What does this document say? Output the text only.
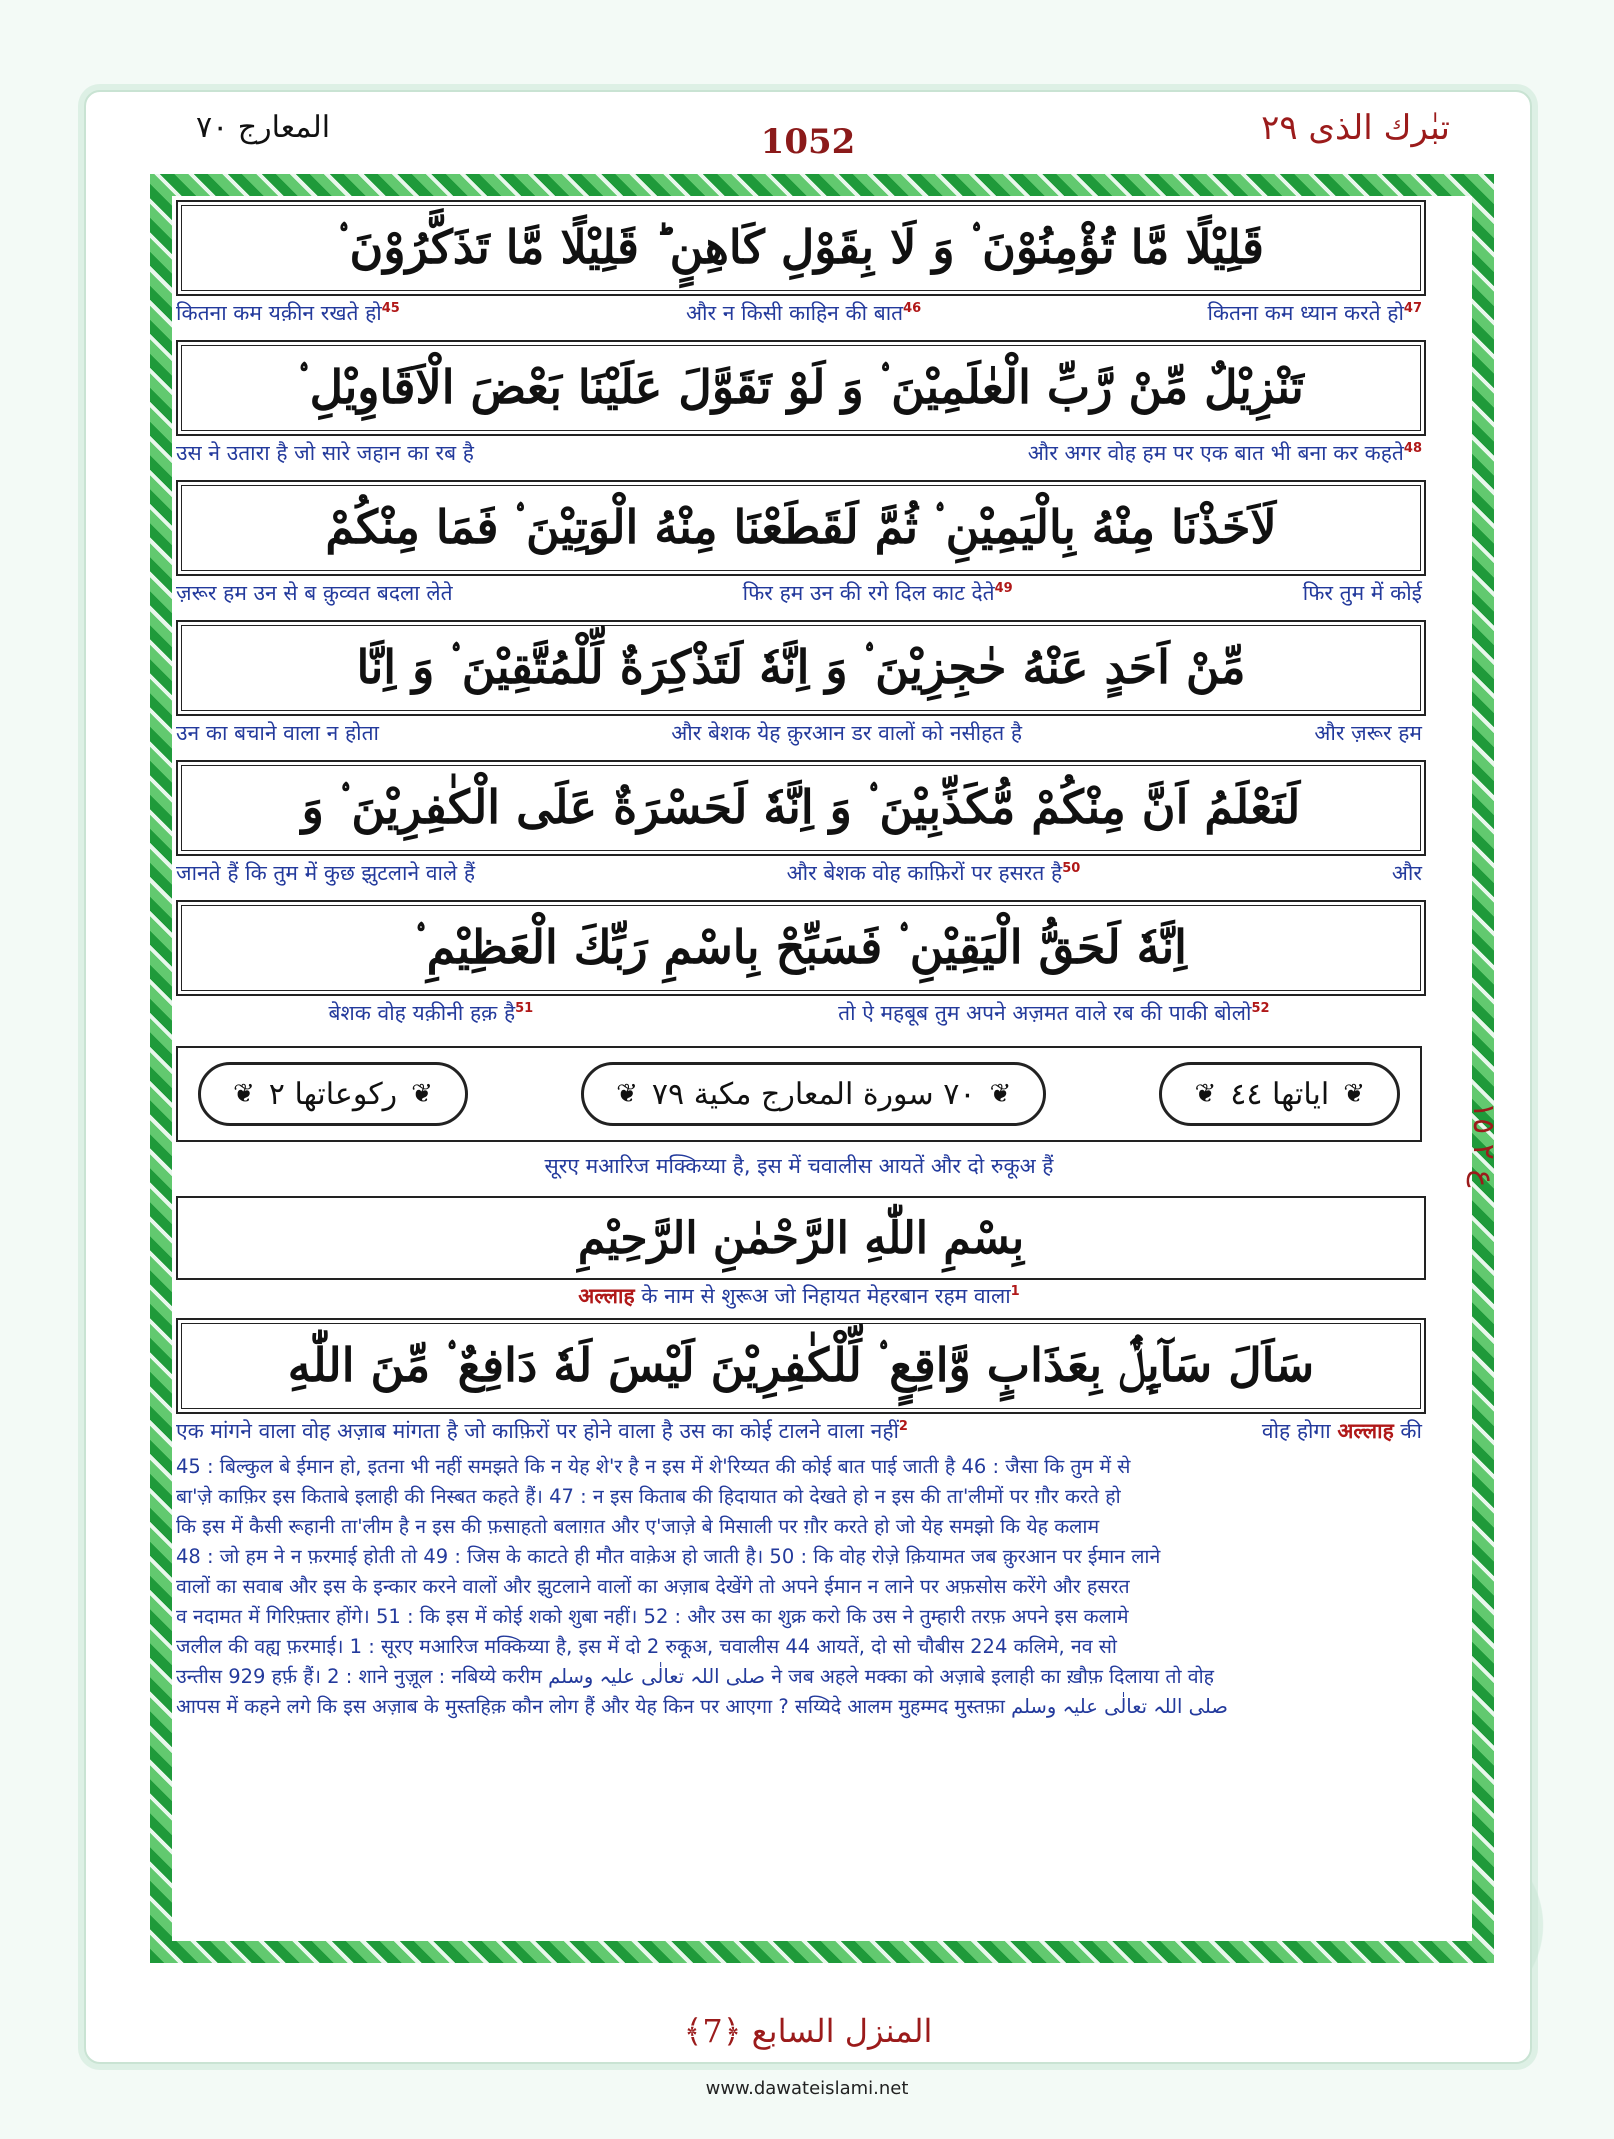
المعارج ٧٠	1052	تبٰرك الذى ٢٩
قَلِيْلًا مَّا تُؤْمِنُوْنَ ۟ وَ لَا بِقَوْلِ كَاهِنٍ ؕ قَلِيْلًا مَّا تَذَكَّرُوْنَ ۟
कितना कम यक़ीन रखते हो45	और न किसी काहिन की बात46	कितना कम ध्यान करते हो47
تَنْزِيْلٌ مِّنْ رَّبِّ الْعٰلَمِيْنَ ۟ وَ لَوْ تَقَوَّلَ عَلَيْنَا بَعْضَ الْاَقَاوِيْلِ ۟
उस ने उतारा है जो सारे जहान का रब है	और अगर वोह हम पर एक बात भी बना कर कहते48
لَاَخَذْنَا مِنْهُ بِالْيَمِيْنِ ۟ ثُمَّ لَقَطَعْنَا مِنْهُ الْوَتِيْنَ ۟ فَمَا مِنْكُمْ
ज़रूर हम उन से ब क़ुव्वत बदला लेते	फिर हम उन की रगे दिल काट देते49	फिर तुम में कोई
مِّنْ اَحَدٍ عَنْهُ حٰجِزِيْنَ ۟ وَ اِنَّهٗ لَتَذْكِرَةٌ لِّلْمُتَّقِيْنَ ۟ وَ اِنَّا
उन का बचाने वाला न होता	और बेशक येह क़ुरआन डर वालों को नसीहत है	और ज़रूर हम
لَنَعْلَمُ اَنَّ مِنْكُمْ مُّكَذِّبِيْنَ ۟ وَ اِنَّهٗ لَحَسْرَةٌ عَلَى الْكٰفِرِيْنَ ۟ وَ
जानते हैं कि तुम में कुछ झुटलाने वाले हैं	और बेशक वोह काफ़िरों पर हसरत है50	और
اِنَّهٗ لَحَقُّ الْيَقِيْنِ ۟ فَسَبِّحْ بِاسْمِ رَبِّكَ الْعَظِيْمِ ۟
बेशक वोह यक़ीनी हक़ है51	तो ऐ महबूब तुम अपने अज़मत वाले रब की पाकी बोलो52
❦
ركوعاتها ٢
❦	❦
٧٠ سورة المعارج مكية ٧٩
❦	❦
اياتها ٤٤
❦
सूरए मआरिज मक्किय्या है, इस में चवालीस आयतें और दो रुकूअ हैं
بِسْمِ اللّٰهِ الرَّحْمٰنِ الرَّحِيْمِ
अल्लाह के नाम से शुरूअ जो निहायत मेहरबान रहम वाला$^1$
سَاَلَ سَآىِٕلٌۢ بِعَذَابٍ وَّاقِعٍ ۟ لِّلْكٰفِرِيْنَ لَيْسَ لَهٗ دَافِعٌ ۟ مِّنَ اللّٰهِ
एक मांगने वाला वोह अज़ाब मांगता है जो काफ़िरों पर होने वाला है उस का कोई टालने वाला नहीं2	वोह होगा अल्लाह की

45 : बिल्कुल बे ईमान हो, इतना भी नहीं समझते कि न येह शे'र है न इस में शे'रिय्यत की कोई बात पाई जाती है 46 : जैसा कि तुम में से

बा'ज़े काफ़िर इस किताबे इलाही की निस्बत कहते हैं। 47 : न इस किताब की हिदायात को देखते हो न इस की ता'लीमों पर ग़ौर करते हो

कि इस में कैसी रूहानी ता'लीम है न इस की फ़साहतो बलाग़त और ए'जाज़े बे मिसाली पर ग़ौर करते हो जो येह समझो कि येह कलाम

48 : जो हम ने न फ़रमाई होती तो 49 : जिस के काटते ही मौत वाक़ेअ हो जाती है। 50 : कि वोह रोज़े क़ियामत जब क़ुरआन पर ईमान लाने

वालों का सवाब और इस के इन्कार करने वालों और झुटलाने वालों का अज़ाब देखेंगे तो अपने ईमान न लाने पर अफ़सोस करेंगे और हसरत

व नदामत में गिरिफ़्तार होंगे। 51 : कि इस में कोई शको शुबा नहीं। 52 : और उस का शुक्र करो कि उस ने तुम्हारी तरफ़ अपने इस कलामे

जलील की वह्य फ़रमाई। 1 : सूरए मआरिज मक्किय्या है, इस में दो 2 रुकूअ, चवालीस 44 आयतें, दो सो चौबीस 224 कलिमे, नव सो

उन्तीस 929 हर्फ़ हैं। 2 : शाने नुज़ूल : नबिय्ये करीम صلی اللہ تعالٰی علیہ وسلم ने जब अहले मक्का को अज़ाबे इलाही का ख़ौफ़ दिलाया तो वोह

आपस में कहने लगे कि इस अज़ाब के मुस्तहिक़ कौन लोग हैं और येह किन पर आएगा ? सय्यिदे आलम मुहम्मद मुस्तफ़ा صلی اللہ تعالٰی علیہ وسلم

ع ٢ ١٥
المنزل السابع ﴿7﴾
www.dawateislami.net
